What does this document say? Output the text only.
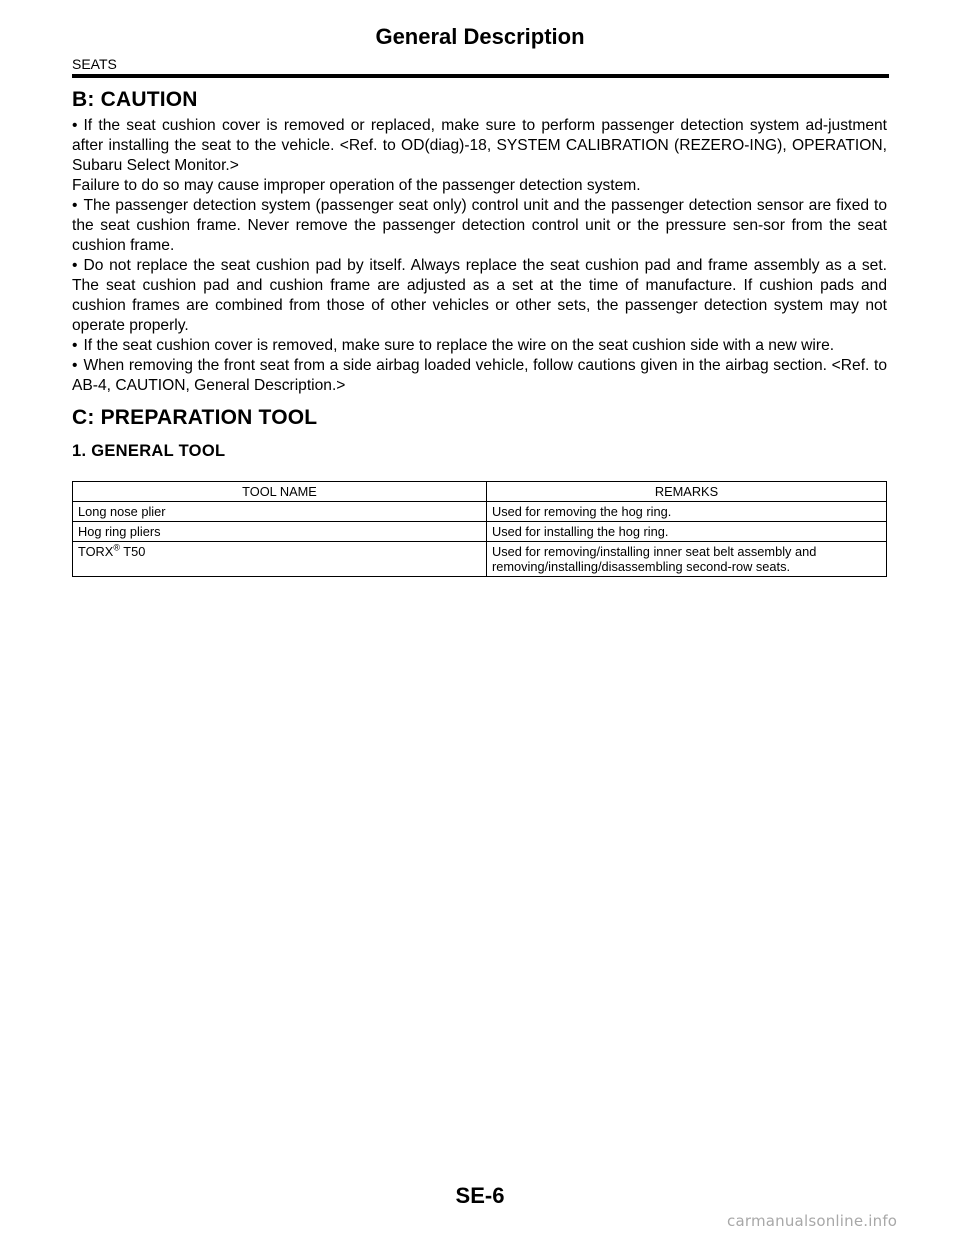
General Description
SEATS
B: CAUTION

• If the seat cushion cover is removed or replaced, make sure to perform passenger detection system ad-justment after installing the seat to the vehicle. <Ref. to OD(diag)-18, SYSTEM CALIBRATION (REZERO-ING), OPERATION, Subaru Select Monitor.>

Failure to do so may cause improper operation of the passenger detection system.

• The passenger detection system (passenger seat only) control unit and the passenger detection sensor are fixed to the seat cushion frame. Never remove the passenger detection control unit or the pressure sen-sor from the seat cushion frame.

• Do not replace the seat cushion pad by itself. Always replace the seat cushion pad and frame assembly as a set. The seat cushion pad and cushion frame are adjusted as a set at the time of manufacture. If cushion pads and cushion frames are combined from those of other vehicles or other sets, the passenger detection system may not operate properly.

• If the seat cushion cover is removed, make sure to replace the wire on the seat cushion side with a new wire.

• When removing the front seat from a side airbag loaded vehicle, follow cautions given in the airbag section. <Ref. to AB-4, CAUTION, General Description.>

C: PREPARATION TOOL
1. GENERAL TOOL
TOOL NAME	REMARKS
Long nose plier	Used for removing the hog ring.
Hog ring pliers	Used for installing the hog ring.
TORX® T50	Used for removing/installing inner seat belt assembly and removing/installing/disassembling second-row seats.
SE-6
carmanualsonline.info
